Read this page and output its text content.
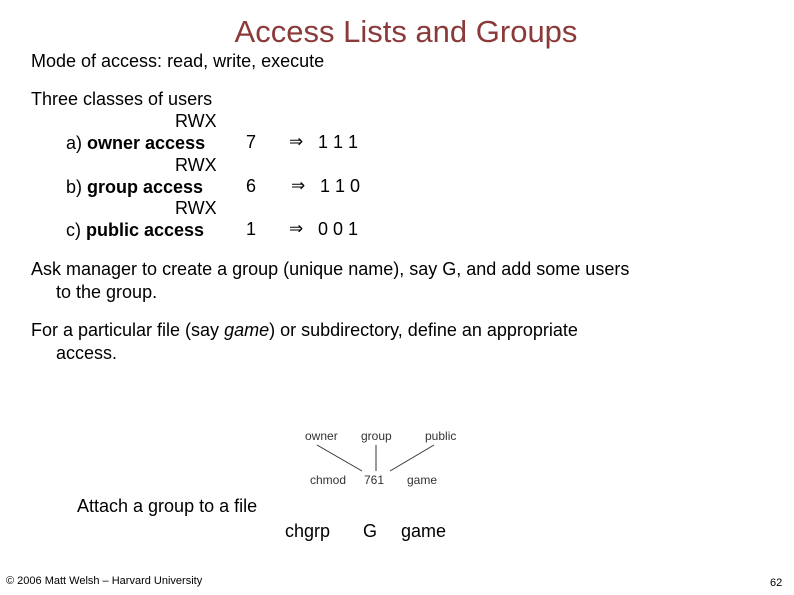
Access Lists and Groups
Mode of access: read, write, execute
Three classes of users
RWX
a) owner access 7 ⇒ 1 1 1
RWX
b) group access 6 ⇒ 1 1 0
RWX
c) public access 1 ⇒ 0 0 1
Ask manager to create a group (unique name), say G, and add some users
to the group.
For a particular file (say game) or subdirectory, define an appropriate
access.
owner group	public
chmod 761 game
Attach a group to a file
chgrp G game
© 2006 Matt Welsh – Harvard University	62
